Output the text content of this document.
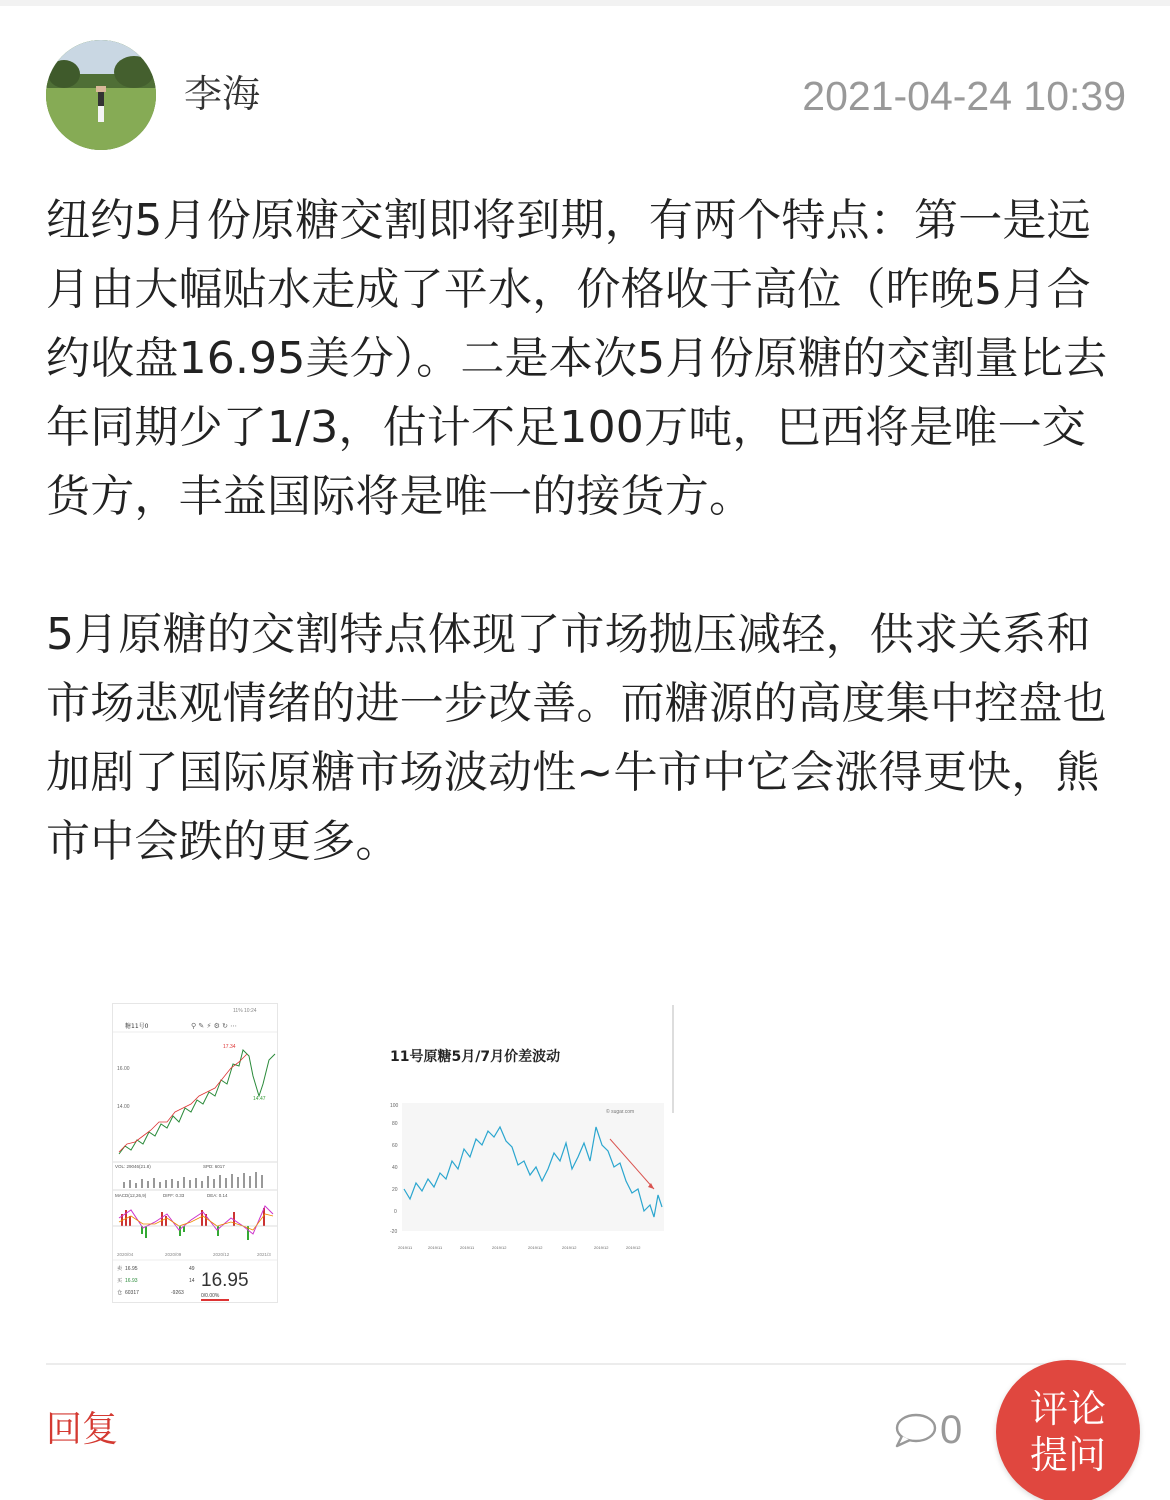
李海	2021-04-24 10:39

纽约5月份原糖交割即将到期，有两个特点：第一是远月由大幅贴水走成了平水，价格收于高位（昨晚5月合约收盘16.95美分）。二是本次5月份原糖的交割量比去年同期少了1/3，估计不足100万吨，巴西将是唯一交货方，丰益国际将是唯一的接货方。

5月原糖的交割特点体现了市场抛压减轻，供求关系和市场悲观情绪的进一步改善。而糖源的高度集中控盘也加剧了国际原糖市场波动性~牛市中它会涨得更快，熊市中会跌的更多。

11% 10:24
糖11号0	⚲ ✎ ⚡ ⚙ ↻ ⋯
16.00
14.00
17.34
14.47
VOL: 29046(21.8)	SPD: 6017
MACD(12,26,9)	DIFF: 0.33	DEA: 0.14
2020/04	2020/09	2020/12	2021/3
卖 16.95	49
买 16.93	14
仓 60317	-9263
16.95
0/0.00%
11号原糖5月/7月价差波动
© sugar.com
100
80
60
40
20
0
-20
2019/11	2019/11	2019/11	2019/12	2019/12	2019/12	2019/12	2019/12
回复	0 评论
提问
